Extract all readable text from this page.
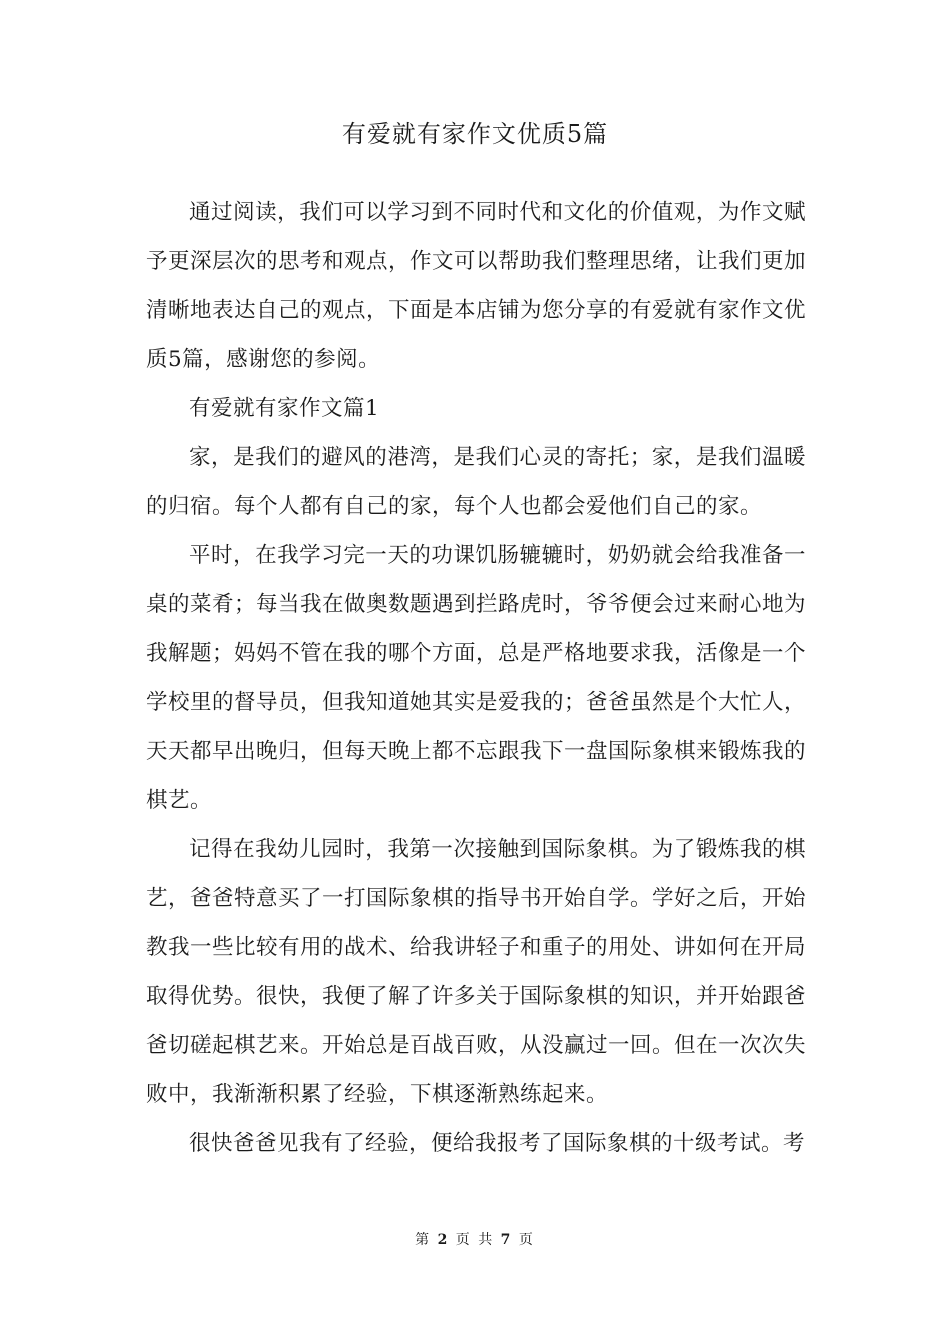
有爱就有家作文优质5篇

通过阅读，我们可以学习到不同时代和文化的价值观，为作文赋予更深层次的思考和观点，作文可以帮助我们整理思绪，让我们更加清晰地表达自己的观点，下面是本店铺为您分享的有爱就有家作文优质5篇，感谢您的参阅。

有爱就有家作文篇1

家，是我们的避风的港湾，是我们心灵的寄托；家，是我们温暖的归宿。每个人都有自己的家，每个人也都会爱他们自己的家。

平时，在我学习完一天的功课饥肠辘辘时，奶奶就会给我准备一桌的菜肴；每当我在做奥数题遇到拦路虎时，爷爷便会过来耐心地为我解题；妈妈不管在我的哪个方面，总是严格地要求我，活像是一个学校里的督导员，但我知道她其实是爱我的；爸爸虽然是个大忙人，天天都早出晚归，但每天晚上都不忘跟我下一盘国际象棋来锻炼我的棋艺。

记得在我幼儿园时，我第一次接触到国际象棋。为了锻炼我的棋艺，爸爸特意买了一打国际象棋的指导书开始自学。学好之后，开始教我一些比较有用的战术、给我讲轻子和重子的用处、讲如何在开局取得优势。很快，我便了解了许多关于国际象棋的知识，并开始跟爸爸切磋起棋艺来。开始总是百战百败，从没赢过一回。但在一次次失败中，我渐渐积累了经验，下棋逐渐熟练起来。

很快爸爸见我有了经验，便给我报考了国际象棋的十级考试。考

第 2 页 共 7 页
